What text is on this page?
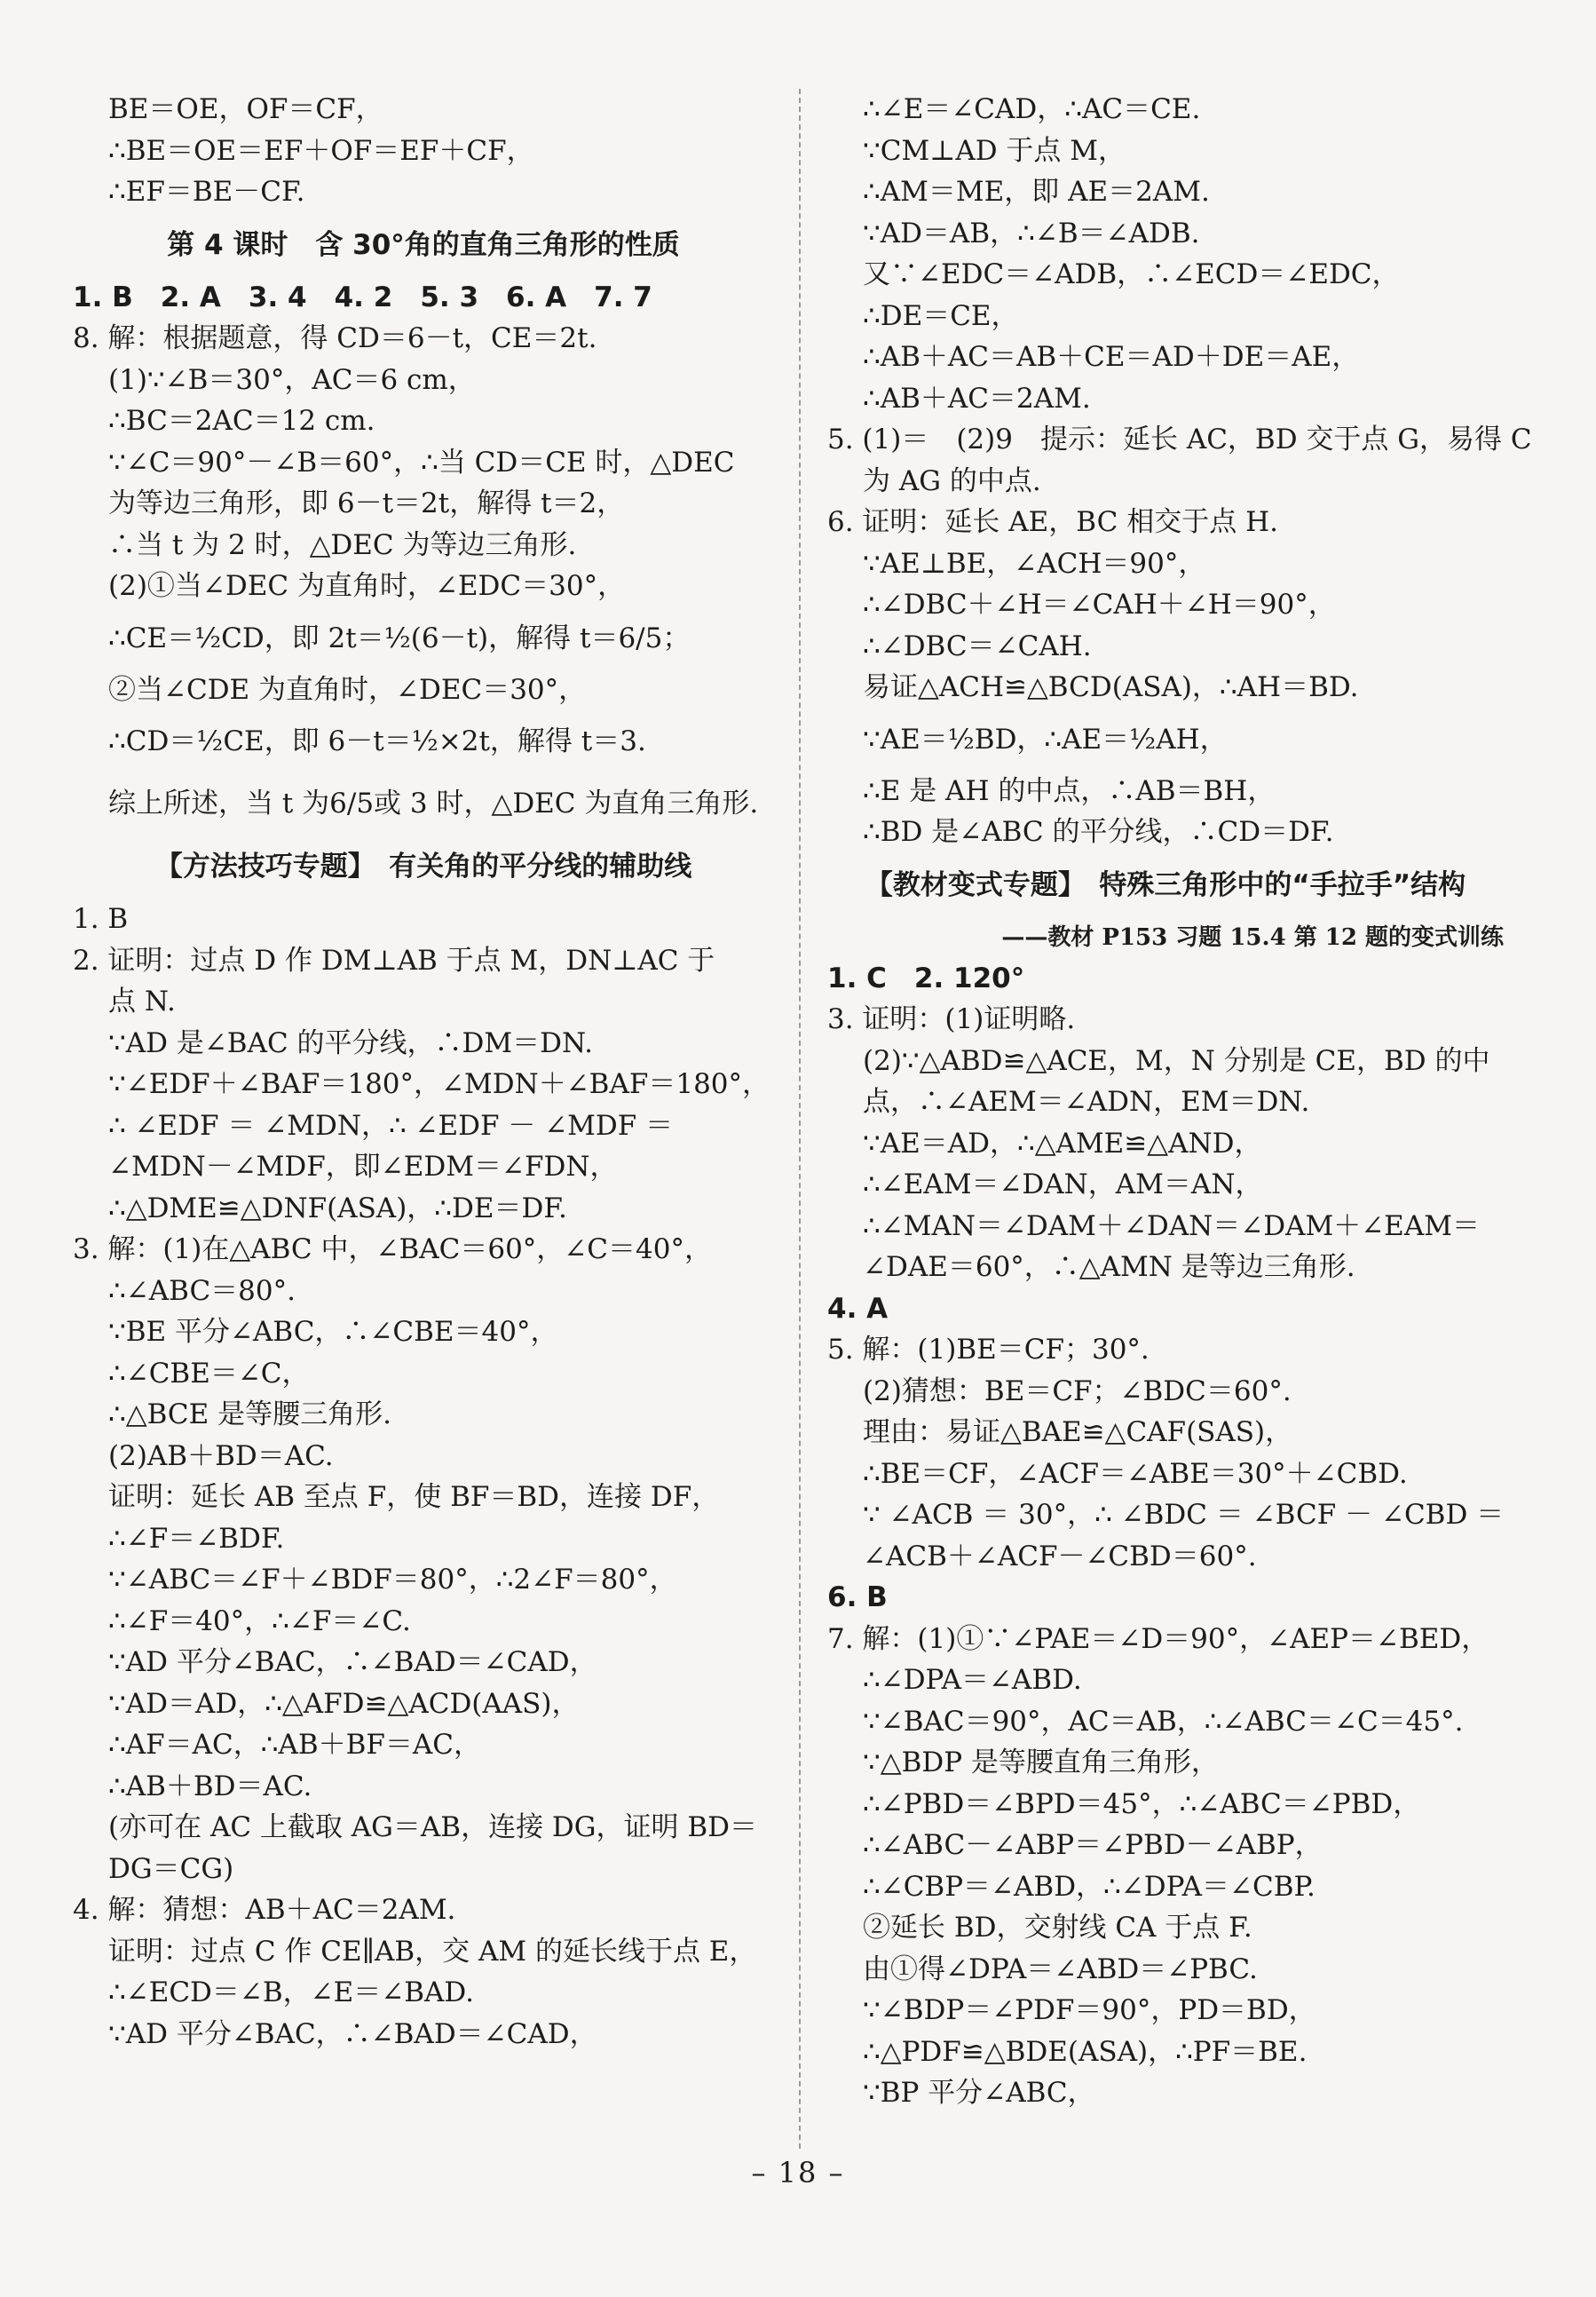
BE＝OE，OF＝CF，
∴BE＝OE＝EF＋OF＝EF＋CF，
∴EF＝BE－CF.
第 4 课时　含 30°角的直角三角形的性质
1. B　2. A　3. 4　4. 2　5. 3　6. A　7. 7
8. 解：根据题意，得 CD＝6－t，CE＝2t.
(1)∵∠B＝30°，AC＝6 cm，
∴BC＝2AC＝12 cm.
∵∠C＝90°－∠B＝60°，∴当 CD＝CE 时，△DEC
为等边三角形，即 6－t＝2t，解得 t＝2，
∴当 t 为 2 时，△DEC 为等边三角形.
(2)①当∠DEC 为直角时，∠EDC＝30°，
∴CE＝½CD，即 2t＝½(6－t)，解得 t＝6/5；
②当∠CDE 为直角时，∠DEC＝30°，
∴CD＝½CE，即 6－t＝½×2t，解得 t＝3.
综上所述，当 t 为6/5或 3 时，△DEC 为直角三角形.
【方法技巧专题】　有关角的平分线的辅助线
1. B
2. 证明：过点 D 作 DM⊥AB 于点 M，DN⊥AC 于
点 N.
∵AD 是∠BAC 的平分线，∴DM＝DN.
∵∠EDF＋∠BAF＝180°，∠MDN＋∠BAF＝180°，
∴ ∠EDF ＝ ∠MDN，∴ ∠EDF － ∠MDF ＝
∠MDN－∠MDF，即∠EDM＝∠FDN，
∴△DME≌△DNF(ASA)，∴DE＝DF.
3. 解：(1)在△ABC 中，∠BAC＝60°，∠C＝40°，
∴∠ABC＝80°.
∵BE 平分∠ABC，∴∠CBE＝40°，
∴∠CBE＝∠C，
∴△BCE 是等腰三角形.
(2)AB＋BD＝AC.
证明：延长 AB 至点 F，使 BF＝BD，连接 DF，
∴∠F＝∠BDF.
∵∠ABC＝∠F＋∠BDF＝80°，∴2∠F＝80°，
∴∠F＝40°，∴∠F＝∠C.
∵AD 平分∠BAC，∴∠BAD＝∠CAD，
∵AD＝AD，∴△AFD≌△ACD(AAS)，
∴AF＝AC，∴AB＋BF＝AC，
∴AB＋BD＝AC.
(亦可在 AC 上截取 AG＝AB，连接 DG，证明 BD＝
DG＝CG)
4. 解：猜想：AB＋AC＝2AM.
证明：过点 C 作 CE∥AB，交 AM 的延长线于点 E，
∴∠ECD＝∠B，∠E＝∠BAD.
∵AD 平分∠BAC，∴∠BAD＝∠CAD，
∴∠E＝∠CAD，∴AC＝CE.
∵CM⊥AD 于点 M，
∴AM＝ME，即 AE＝2AM.
∵AD＝AB，∴∠B＝∠ADB.
又∵∠EDC＝∠ADB，∴∠ECD＝∠EDC，
∴DE＝CE，
∴AB＋AC＝AB＋CE＝AD＋DE＝AE，
∴AB＋AC＝2AM.
5. (1)＝　(2)9　提示：延长 AC，BD 交于点 G，易得 C
为 AG 的中点.
6. 证明：延长 AE，BC 相交于点 H.
∵AE⊥BE，∠ACH＝90°，
∴∠DBC＋∠H＝∠CAH＋∠H＝90°，
∴∠DBC＝∠CAH.
易证△ACH≌△BCD(ASA)，∴AH＝BD.
∵AE＝½BD，∴AE＝½AH，
∴E 是 AH 的中点，∴AB＝BH，
∴BD 是∠ABC 的平分线，∴CD＝DF.
【教材变式专题】　特殊三角形中的“手拉手”结构
——教材 P153 习题 15.4 第 12 题的变式训练
1. C　2. 120°
3. 证明：(1)证明略.
(2)∵△ABD≌△ACE，M，N 分别是 CE，BD 的中
点，∴∠AEM＝∠ADN，EM＝DN.
∵AE＝AD，∴△AME≌△AND，
∴∠EAM＝∠DAN，AM＝AN，
∴∠MAN＝∠DAM＋∠DAN＝∠DAM＋∠EAM＝
∠DAE＝60°，∴△AMN 是等边三角形.
4. A
5. 解：(1)BE＝CF；30°.
(2)猜想：BE＝CF；∠BDC＝60°.
理由：易证△BAE≌△CAF(SAS)，
∴BE＝CF，∠ACF＝∠ABE＝30°＋∠CBD.
∵ ∠ACB ＝ 30°，∴ ∠BDC ＝ ∠BCF － ∠CBD ＝
∠ACB＋∠ACF－∠CBD＝60°.
6. B
7. 解：(1)①∵∠PAE＝∠D＝90°，∠AEP＝∠BED，
∴∠DPA＝∠ABD.
∵∠BAC＝90°，AC＝AB，∴∠ABC＝∠C＝45°.
∵△BDP 是等腰直角三角形，
∴∠PBD＝∠BPD＝45°，∴∠ABC＝∠PBD，
∴∠ABC－∠ABP＝∠PBD－∠ABP，
∴∠CBP＝∠ABD，∴∠DPA＝∠CBP.
②延长 BD，交射线 CA 于点 F.
由①得∠DPA＝∠ABD＝∠PBC.
∵∠BDP＝∠PDF＝90°，PD＝BD，
∴△PDF≌△BDE(ASA)，∴PF＝BE.
∵BP 平分∠ABC，
– 18 –
